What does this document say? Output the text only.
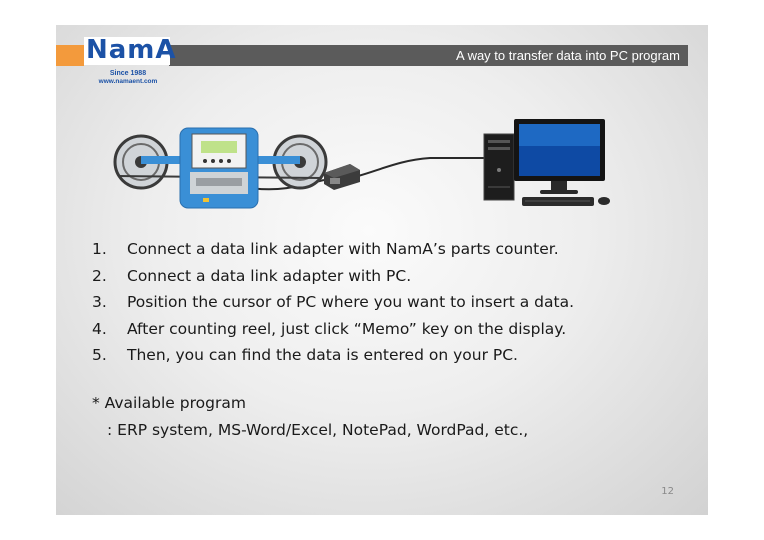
A way to transfer data into PC program
NamA
Since 1988
www.namaent.com
1. Connect a data link adapter with NamA’s parts counter.
2. Connect a data link adapter with PC.
3. Position the cursor of PC where you want to insert a data.
4. After counting reel, just click “Memo” key on the display.
5. Then, you can find the data is entered on your PC.
* Available program
: ERP system, MS-Word/Excel, NotePad, WordPad, etc.,
12
